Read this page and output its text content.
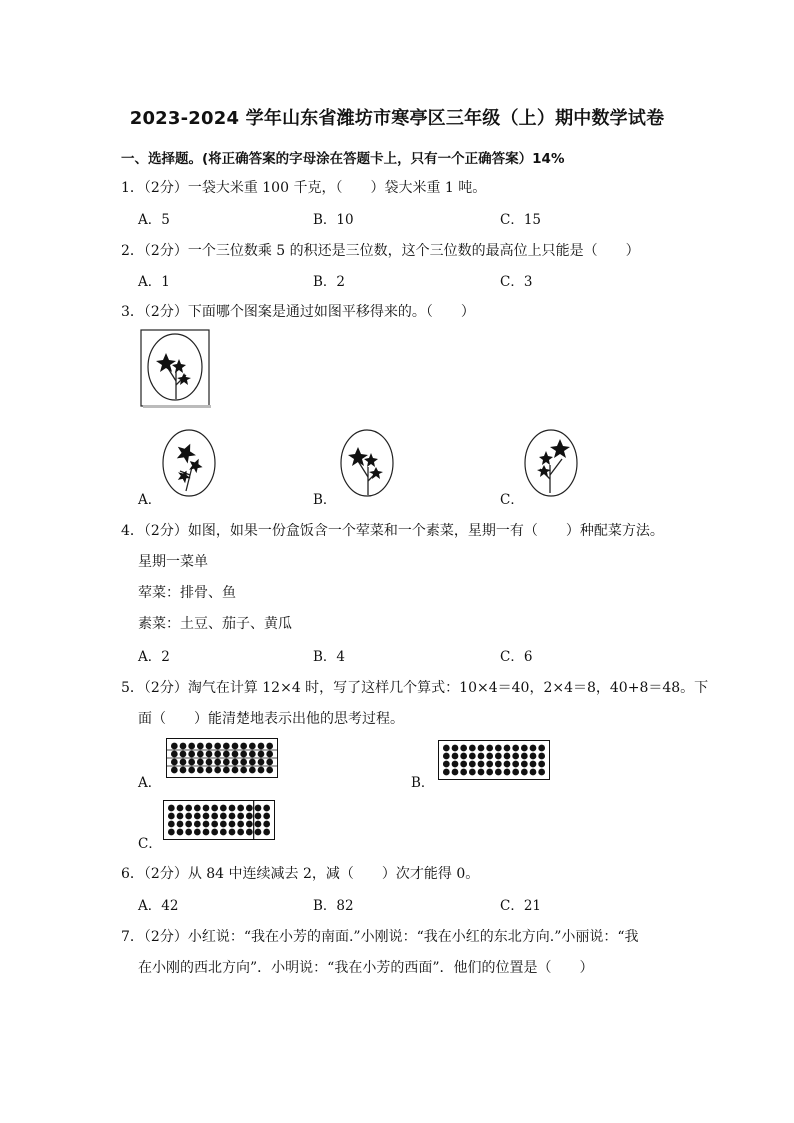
2023-2024 学年山东省潍坊市寒亭区三年级（上）期中数学试卷
一、选择题。(将正确答案的字母涂在答题卡上，只有一个正确答案）14%
1．（2分）一袋大米重 100 千克，（　　）袋大米重 1 吨。
A．5	B．10	C．15
2．（2分）一个三位数乘 5 的积还是三位数，这个三位数的最高位上只能是（　　）
A．1	B．2	C．3
3．（2分）下面哪个图案是通过如图平移得来的。（　　）
A．	B．	C．
4．（2分）如图，如果一份盒饭含一个荤菜和一个素菜，星期一有（　　）种配菜方法。
星期一菜单
荤菜：排骨、鱼
素菜：土豆、茄子、黄瓜
A．2	B．4	C．6
5．（2分）淘气在计算 12×4 时，写了这样几个算式：10×4＝40，2×4＝8，40+8＝48。下
面（　　）能清楚地表示出他的思考过程。
A．	B．
C．
6．（2分）从 84 中连续减去 2，减（　　）次才能得 0。
A．42	B．82	C．21
7．（2分）小红说：“我在小芳的南面.”小刚说：“我在小红的东北方向.”小丽说：“我
在小刚的西北方向”．小明说：“我在小芳的西面”．他们的位置是（　　）
